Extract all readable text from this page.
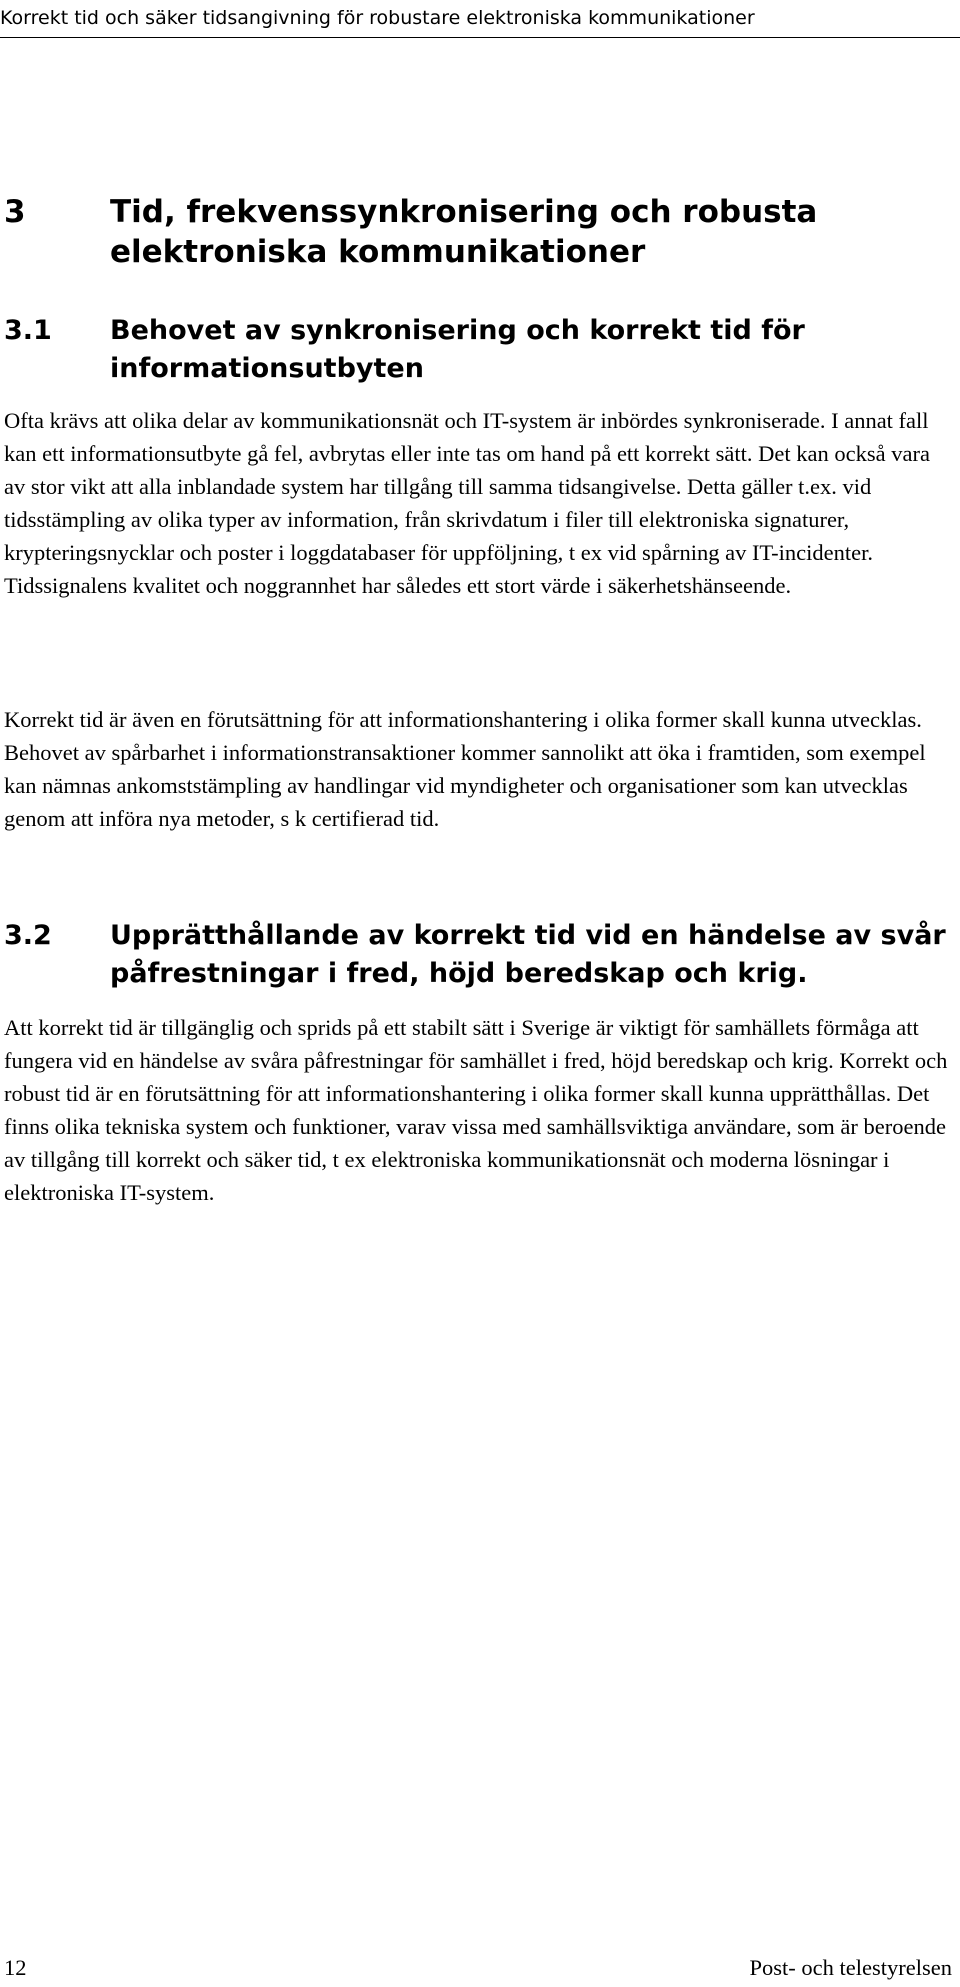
Korrekt tid och säker tidsangivning för robustare elektroniska kommunikationer
3	Tid, frekvenssynkronisering och robusta elektroniska kommunikationer
3.1 Behovet av synkronisering och korrekt tid för informationsutbyten

Ofta krävs att olika delar av kommunikationsnät och IT-system är inbördes synkroniserade. I annat fall kan ett informationsutbyte gå fel, avbrytas eller inte tas om hand på ett korrekt sätt. Det kan också vara av stor vikt att alla inblandade system har tillgång till samma tidsangivelse. Detta gäller t.ex. vid tidsstämpling av olika typer av information, från skrivdatum i filer till elektroniska signaturer, krypteringsnycklar och poster i loggdatabaser för uppföljning, t ex vid spårning av IT-incidenter. Tidssignalens kvalitet och noggrannhet har således ett stort värde i säkerhetshänseende.

Korrekt tid är även en förutsättning för att informationshantering i olika former skall kunna utvecklas. Behovet av spårbarhet i informationstransaktioner kommer sannolikt att öka i framtiden, som exempel kan nämnas ankomststämpling av handlingar vid myndigheter och organisationer som kan utvecklas genom att införa nya metoder, s k certifierad tid.

3.2 Upprätthållande av korrekt tid vid en händelse av svår påfrestningar i fred, höjd beredskap och krig.

Att korrekt tid är tillgänglig och sprids på ett stabilt sätt i Sverige är viktigt för samhällets förmåga att fungera vid en händelse av svåra påfrestningar för samhället i fred, höjd beredskap och krig. Korrekt och robust tid är en förutsättning för att informationshantering i olika former skall kunna upprätthållas. Det finns olika tekniska system och funktioner, varav vissa med samhällsviktiga användare, som är beroende av tillgång till korrekt och säker tid, t ex elektroniska kommunikationsnät och moderna lösningar i elektroniska IT-system.

12	Post- och telestyrelsen
